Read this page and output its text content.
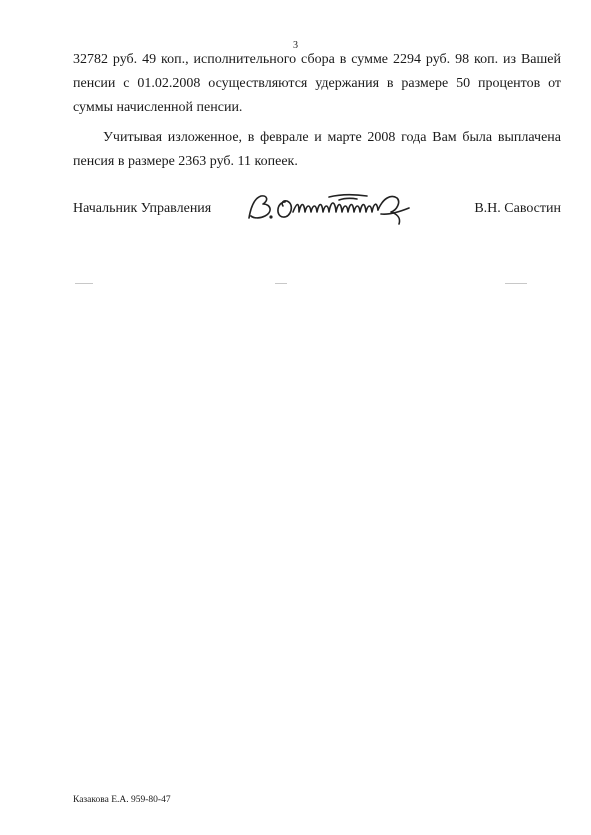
3
32782 руб. 49 коп., исполнительного сбора в сумме 2294 руб. 98 коп. из Вашей
пенсии с 01.02.2008 осуществляются удержания в размере 50 процентов от
суммы начисленной пенсии.
Учитывая изложенное, в феврале и марте 2008 года Вам была выплачена
пенсия в размере 2363 руб. 11 копеек.
Начальник Управления	В.Н. Савостин
Казакова Е.А. 959-80-47
